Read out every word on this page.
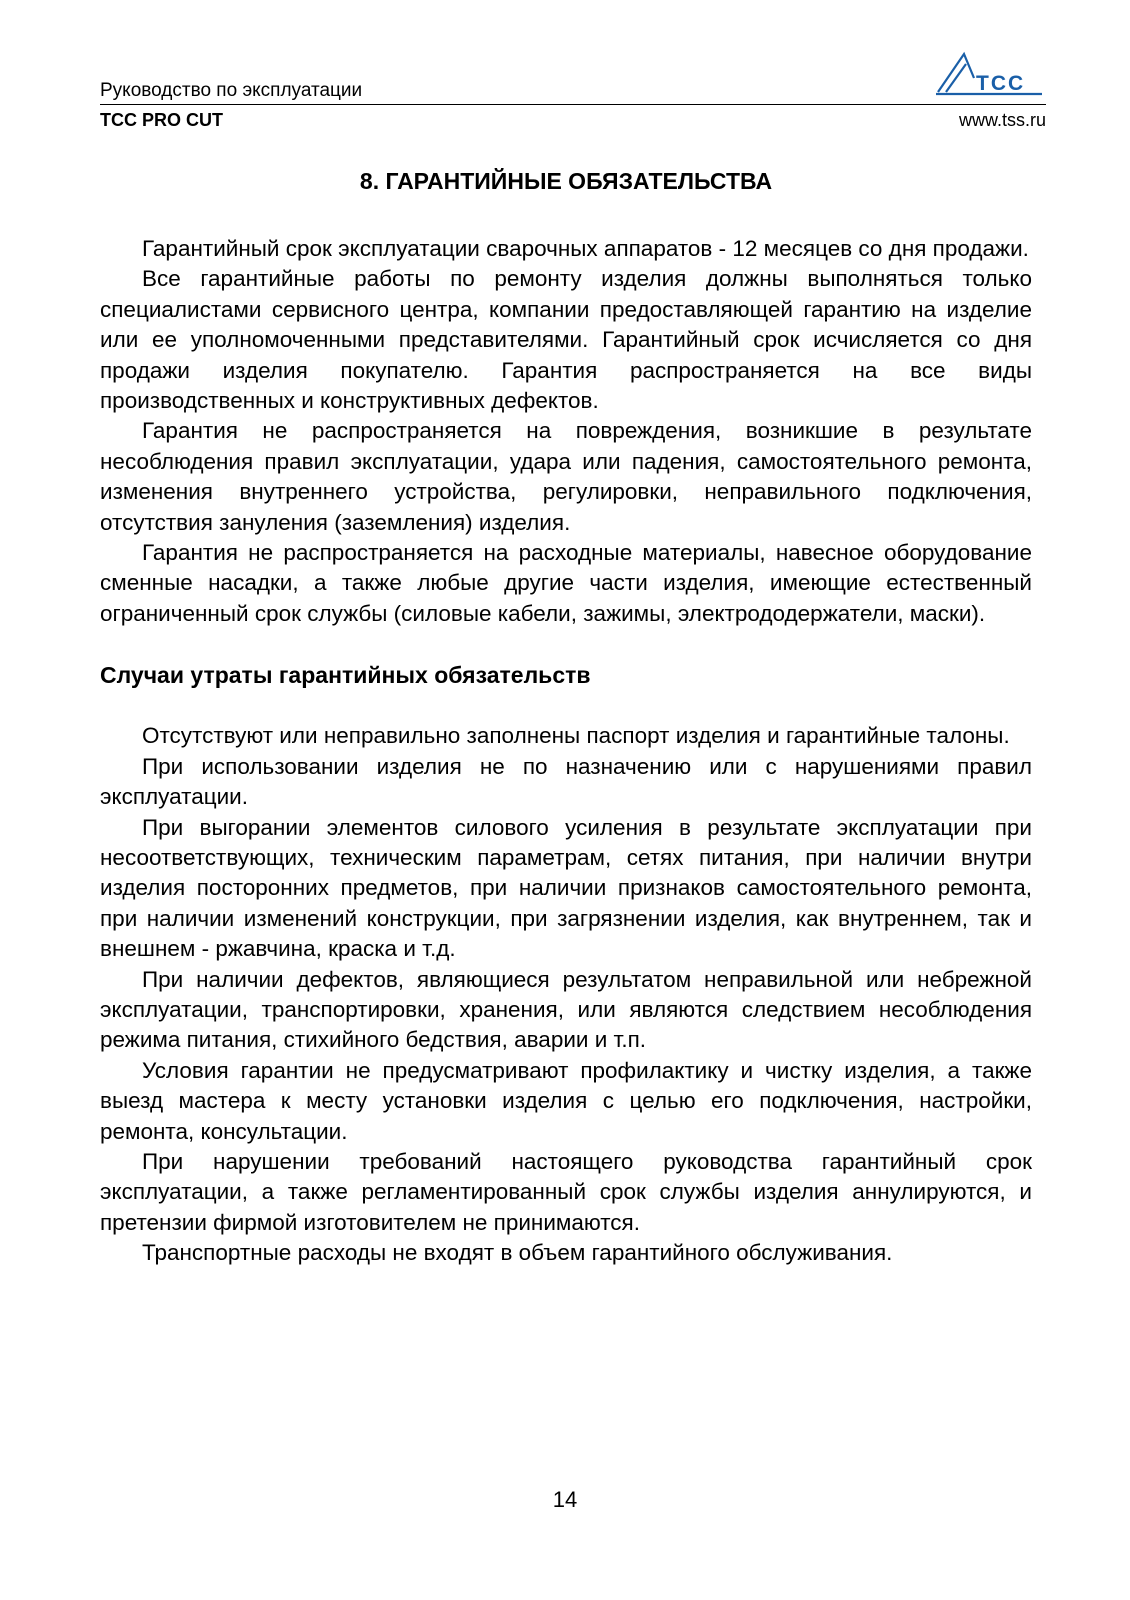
Руководство по эксплуатации
ТСС PRO CUT	www.tss.ru
ТСС
8. ГАРАНТИЙНЫЕ ОБЯЗАТЕЛЬСТВА

Гарантийный срок эксплуатации сварочных аппаратов - 12 месяцев со дня продажи.

Все гарантийные работы по ремонту изделия должны выполняться только специалистами сервисного центра, компании предоставляющей гарантию на изделие или ее уполномоченными представителями. Гарантийный срок исчисляется со дня продажи изделия покупателю. Гарантия распространяется на все виды производственных и конструктивных дефектов.

Гарантия не распространяется на повреждения, возникшие в результате несоблюдения правил эксплуатации, удара или падения, самостоятельного ремонта, изменения внутреннего устройства, регулировки, неправильного подключения, отсутствия зануления (заземления) изделия.

Гарантия не распространяется на расходные материалы, навесное оборудование сменные насадки, а также любые другие части изделия, имеющие естественный ограниченный срок службы (силовые кабели, зажимы, электрододержатели, маски).

Случаи утраты гарантийных обязательств

Отсутствуют или неправильно заполнены паспорт изделия и гарантийные талоны.

При использовании изделия не по назначению или с нарушениями правил эксплуатации.

При выгорании элементов силового усиления в результате эксплуатации при несоответствующих, техническим параметрам, сетях питания, при наличии внутри изделия посторонних предметов, при наличии признаков самостоятельного ремонта, при наличии изменений конструкции, при загрязнении изделия, как внутреннем, так и внешнем - ржавчина, краска и т.д.

При наличии дефектов, являющиеся результатом неправильной или небрежной эксплуатации, транспортировки, хранения, или являются следствием несоблюдения режима питания, стихийного бедствия, аварии и т.п.

Условия гарантии не предусматривают профилактику и чистку изделия, а также выезд мастера к месту установки изделия с целью его подключения, настройки, ремонта, консультации.

При нарушении требований настоящего руководства гарантийный срок эксплуатации, а также регламентированный срок службы изделия аннулируются, и претензии фирмой изготовителем не принимаются.

Транспортные расходы не входят в объем гарантийного обслуживания.

14
